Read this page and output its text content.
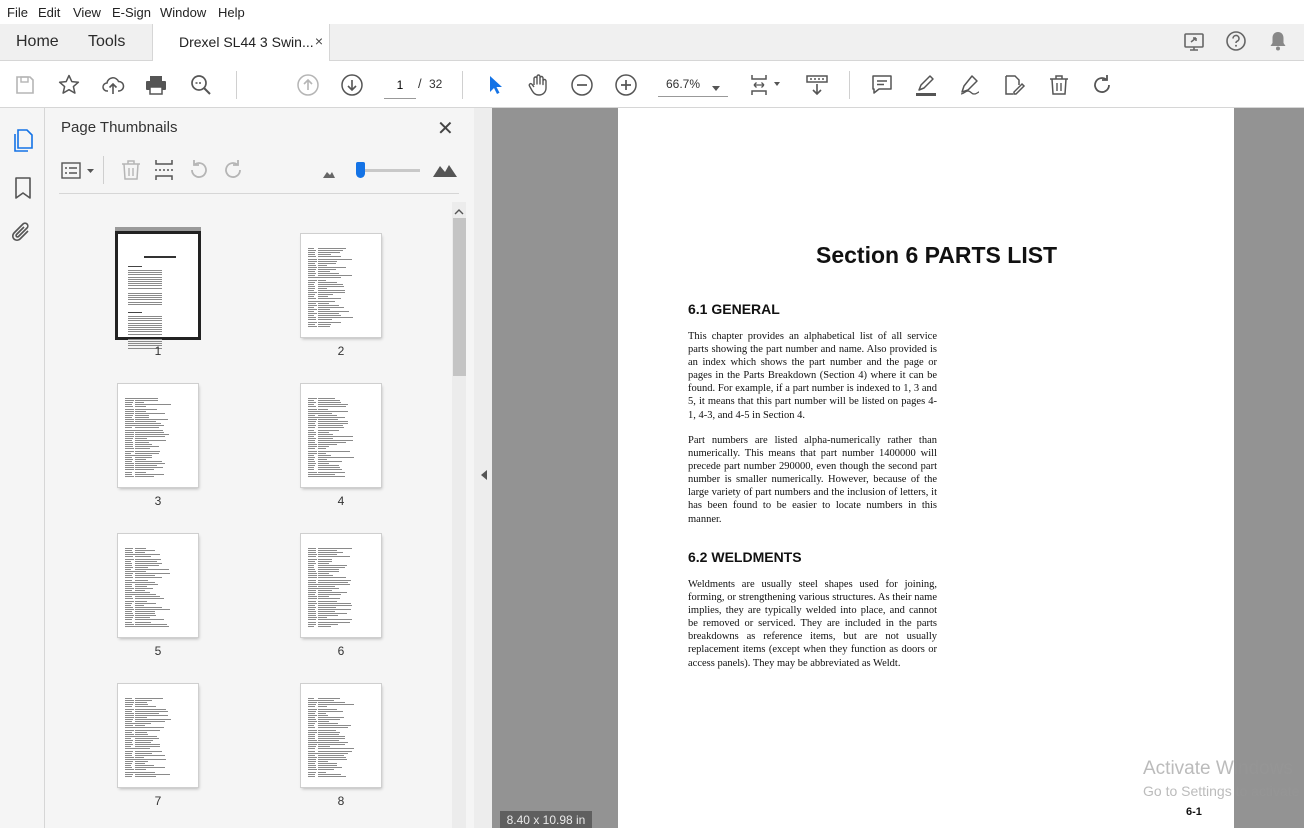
File Edit View E-Sign Window Help
Home Tools	Drexel SL44 3 Swin... ×
1
/ 32	66.7%
Page Thumbnails	✕
1	2
3	4
5	6
7	8
Section 6 PARTS LIST
6.1 GENERAL

This chapter provides an alphabetical list of all service parts showing the part number and name. Also provided is an index which shows the part number and the page or pages in the Parts Breakdown (Section 4) where it can be found. For example, if a part number is indexed to 1, 3 and 5, it means that this part number will be listed on pages 4-1, 4-3, and 4-5 in Section 4.

Part numbers are listed alpha-numerically rather than numerically. This means that part number 1400000 will precede part number 290000, even though the second part number is smaller numerically. However, because of the large variety of part numbers and the inclusion of letters, it has been found to be easier to locate numbers in this manner.

6.2 WELDMENTS

Weldments are usually steel shapes used for joining, forming, or strengthening various structures. As their name implies, they are typically welded into place, and cannot be removed or serviced. They are included in the parts breakdowns as reference items, but are not usually replacement items (except when they function as doors or access panels). They may be abbreviated as Weldt.

6-1
8.40 x 10.98 in
Activate Windows
Go to Settings to activate
